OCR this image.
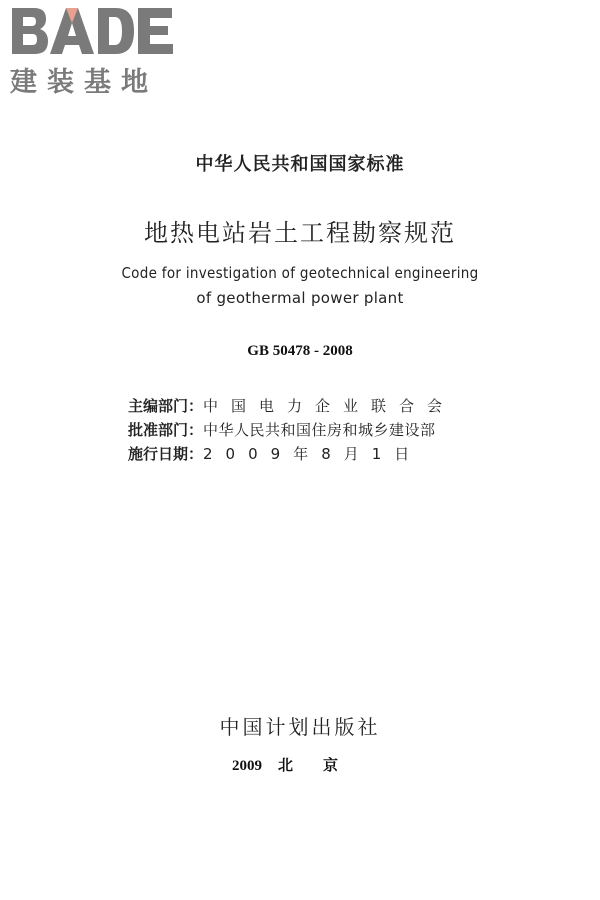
建装基地
中华人民共和国国家标准
地热电站岩土工程勘察规范
Code for investigation of geotechnical engineering
of geothermal power plant
GB 50478 - 2008
主编部门：中国电力企业联合会
批准部门：中华人民共和国住房和城乡建设部
施行日期：2009年8月1日
中国计划出版社
2009 北京
